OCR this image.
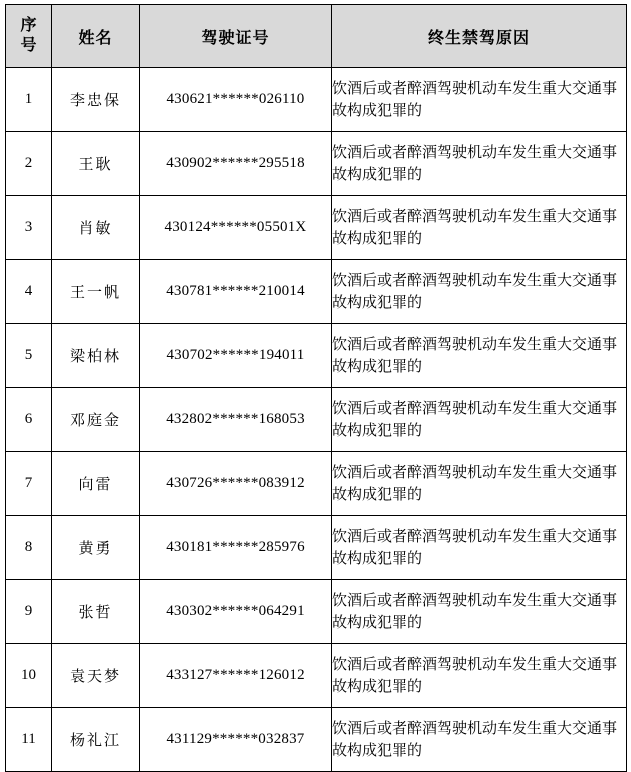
序
号	姓名	驾驶证号	终生禁驾原因
1	李忠保	430621******026110	饮酒后或者醉酒驾驶机动车发生重大交通事故构成犯罪的

2	王耿	430902******295518	饮酒后或者醉酒驾驶机动车发生重大交通事故构成犯罪的

3	肖敏	430124******05501X	饮酒后或者醉酒驾驶机动车发生重大交通事故构成犯罪的

4	王一帆	430781******210014	饮酒后或者醉酒驾驶机动车发生重大交通事故构成犯罪的

5	梁柏林	430702******194011	饮酒后或者醉酒驾驶机动车发生重大交通事故构成犯罪的

6	邓庭金	432802******168053	饮酒后或者醉酒驾驶机动车发生重大交通事故构成犯罪的

7	向雷	430726******083912	饮酒后或者醉酒驾驶机动车发生重大交通事故构成犯罪的

8	黄勇	430181******285976	饮酒后或者醉酒驾驶机动车发生重大交通事故构成犯罪的

9	张哲	430302******064291	饮酒后或者醉酒驾驶机动车发生重大交通事故构成犯罪的

10	袁天梦	433127******126012	饮酒后或者醉酒驾驶机动车发生重大交通事故构成犯罪的

11	杨礼江	431129******032837	饮酒后或者醉酒驾驶机动车发生重大交通事故构成犯罪的
